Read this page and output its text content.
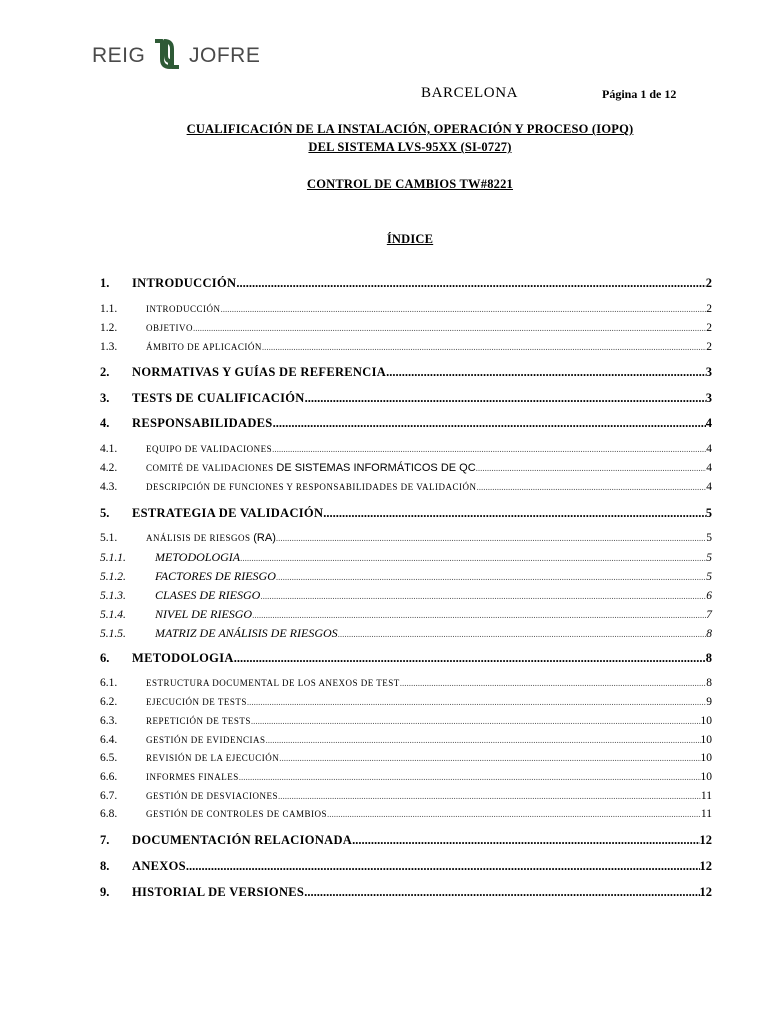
REIG JOFRE
BARCELONA	Página 1 de 12
CUALIFICACIÓN DE LA INSTALACIÓN, OPERACIÓN Y PROCESO (IOPQ)
DEL SISTEMA LVS-95XX (SI-0727)
CONTROL DE CAMBIOS TW#8221
ÍNDICE
1.	INTRODUCCIÓN .....	2
1.1.	INTRODUCCIÓN .....	2
1.2.	OBJETIVO .....	2
1.3.	ÁMBITO DE APLICACIÓN .....	2
2.	NORMATIVAS Y GUÍAS DE REFERENCIA .....	3
3.	TESTS DE CUALIFICACIÓN .....	3
4.	RESPONSABILIDADES .....	4
4.1.	EQUIPO DE VALIDACIONES .....	4
4.2.	COMITÉ DE VALIDACIONES DE SISTEMAS INFORMÁTICOS DE QC .....	4
4.3.	DESCRIPCIÓN DE FUNCIONES Y RESPONSABILIDADES DE VALIDACIÓN .....	4
5.	ESTRATEGIA DE VALIDACIÓN .....	5
5.1.	ANÁLISIS DE RIESGOS (RA) .....	5
5.1.1.	METODOLOGIA .....	5
5.1.2.	FACTORES DE RIESGO .....	5
5.1.3.	CLASES DE RIESGO .....	6
5.1.4.	NIVEL DE RIESGO .....	7
5.1.5.	MATRIZ DE ANÁLISIS DE RIESGOS .....	8
6.	METODOLOGIA .....	8
6.1.	ESTRUCTURA DOCUMENTAL DE LOS ANEXOS DE TEST .....	8
6.2.	EJECUCIÓN DE TESTS .....	9
6.3.	REPETICIÓN DE TESTS .....	10
6.4.	GESTIÓN DE EVIDENCIAS .....	10
6.5.	REVISIÓN DE LA EJECUCIÓN .....	10
6.6.	INFORMES FINALES .....	10
6.7.	GESTIÓN DE DESVIACIONES .....	11
6.8.	GESTIÓN DE CONTROLES DE CAMBIOS .....	11
7.	DOCUMENTACIÓN RELACIONADA .....	12
8.	ANEXOS .....	12
9.	HISTORIAL DE VERSIONES .....	12
